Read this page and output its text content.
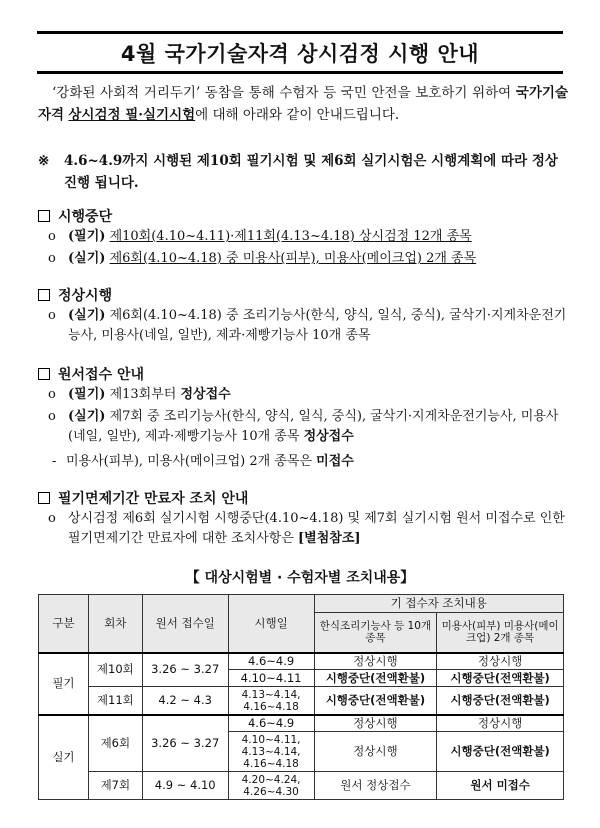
4월 국가기술자격 상시검정 시행 안내
‘강화된 사회적 거리두기’ 동참을 통해 수험자 등 국민 안전을 보호하기 위하여 국가기술자격 상시검정 필·실기시험에 대해 아래와 같이 안내드립니다.
※ 4.6~4.9까지 시행된 제10회 필기시험 및 제6회 실기시험은 시행계획에 따라 정상진행 됩니다.
시행중단
o (필기) 제10회(4.10~4.11)·제11회(4.13~4.18) 상시검정 12개 종목
o (실기) 제6회(4.10~4.18) 중 미용사(피부), 미용사(메이크업) 2개 종목
정상시행
o (실기) 제6회(4.10~4.18) 중 조리기능사(한식, 양식, 일식, 중식), 굴삭기·지게차운전기능사, 미용사(네일, 일반), 제과·제빵기능사 10개 종목
원서접수 안내
o (필기) 제13회부터 정상접수
o (실기) 제7회 중 조리기능사(한식, 양식, 일식, 중식), 굴삭기·지게차운전기능사, 미용사(네일, 일반), 제과·제빵기능사 10개 종목 정상접수
- 미용사(피부), 미용사(메이크업) 2개 종목은 미접수
필기면제기간 만료자 조치 안내
o 상시검정 제6회 실기시험 시행중단(4.10~4.18) 및 제7회 실기시험 원서 미접수로 인한 필기면제기간 만료자에 대한 조치사항은 [별첨참조]
【 대상시험별 · 수험자별 조치내용】
구분	회차	원서 접수일	시행일	기 접수자 조치내용	
				한식조리기능사 등 10개 종목	미용사(피부) 미용사(메이크업) 2개 종목
필기	제10회	3.26 ~ 3.27	4.6~4.9	정상시행	정상시행
			4.10~4.11	시행중단(전액환불)	시행중단(전액환불)
	제11회	4.2 ~ 4.3	4.13~4.14,
4.16~4.18	시행중단(전액환불)	시행중단(전액환불)

실기	제6회	3.26 ~ 3.27	4.6~4.9	정상시행	정상시행
			4.10~4.11,
4.13~4.14,
4.16~4.18	정상시행	시행중단(전액환불)
	제7회	4.9 ~ 4.10	4.20~4.24,
4.26~4.30	원서 정상접수	원서 미접수
